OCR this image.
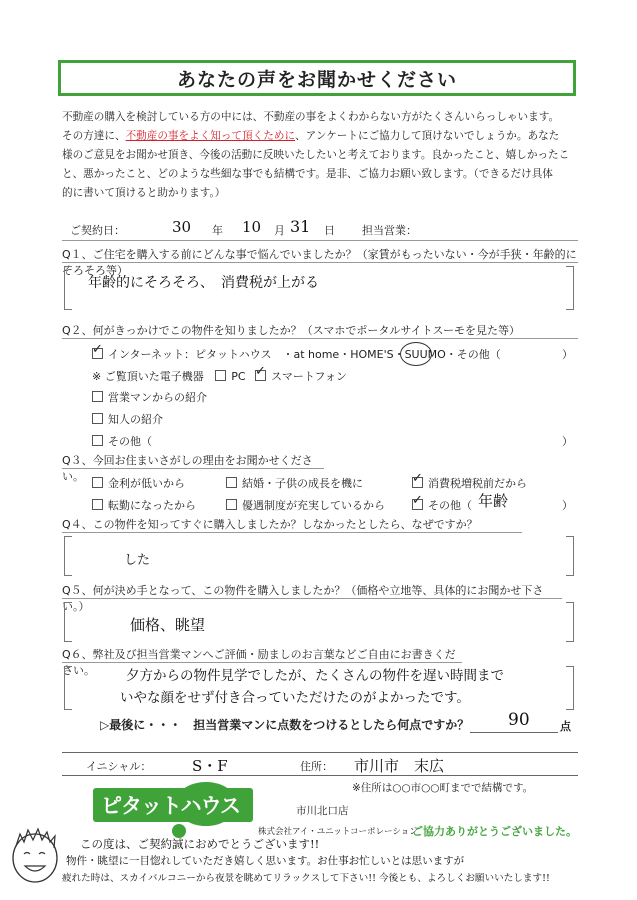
あなたの声をお聞かせください
不動産の購入を検討している方の中には、不動産の事をよくわからない方がたくさんいらっしゃいます。
その方達に、不動産の事をよく知って頂くために、アンケートにご協力して頂けないでしょうか。あなた
様のご意見をお聞かせ頂き、今後の活動に反映いたしたいと考えております。良かったこと、嬉しかったこ
と、悪かったこと、どのような些細な事でも結構です。是非、ご協力お願い致します。（できるだけ具体
的に書いて頂けると助かります。）
ご契約日：	30 年 10 月 31 日 担当営業：
Q１、ご住宅を購入する前にどんな事で悩んでいましたか？（家賃がもったいない・今が手狭・年齢的にそろそろ等）
年齢的にそろそろ、　消費税が上がる
Q２、何がきっかけでこの物件を知りましたか？（スマホでポータルサイトスーモを見た等）
✓インターネット：ピタットハウス　・at home・HOME'S・SUUMO・その他（	）
※ ご覧頂いた電子機器	PC ✓ スマートフォン
営業マンからの紹介
知人の紹介
その他（	）
Q３、今回お住まいさがしの理由をお聞かせください。
金利が低いから	結婚・子供の成長を機に ✓	消費税増税前だから
転勤になったから	優遇制度が充実しているから ✓	その他（ 年齢	）
Q４、この物件を知ってすぐに購入しましたか？しなかったとしたら、なぜですか？
した
Q５、何が決め手となって、この物件を購入しましたか？（価格や立地等、具体的にお聞かせ下さい。）
価格、眺望
Q６、弊社及び担当営業マンへご評価・励ましのお言葉などご自由にお書きください。	夕方からの物件見学でしたが、たくさんの物件を遅い時間まで
いやな顔をせず付き合っていただけたのがよかったです。
▷最後に・・・　担当営業マンに点数をつけるとしたら何点ですか？ 90	点
イニシャル：	S・F	住所： 市川市　末広
※住所は○○市○○町までで結構です。
ピタットハウス	市川北口店
株式会社アイ・ユニットコーポレーション
ご協力ありがとうございました。
この度は、ご契約誠におめでとうございます!!
物件・眺望に一目惚れしていただき嬉しく思います。お仕事お忙しいとは思いますが
疲れた時は、スカイバルコニーから夜景を眺めてリラックスして下さい!! 今後とも、よろしくお願いいたします!!
